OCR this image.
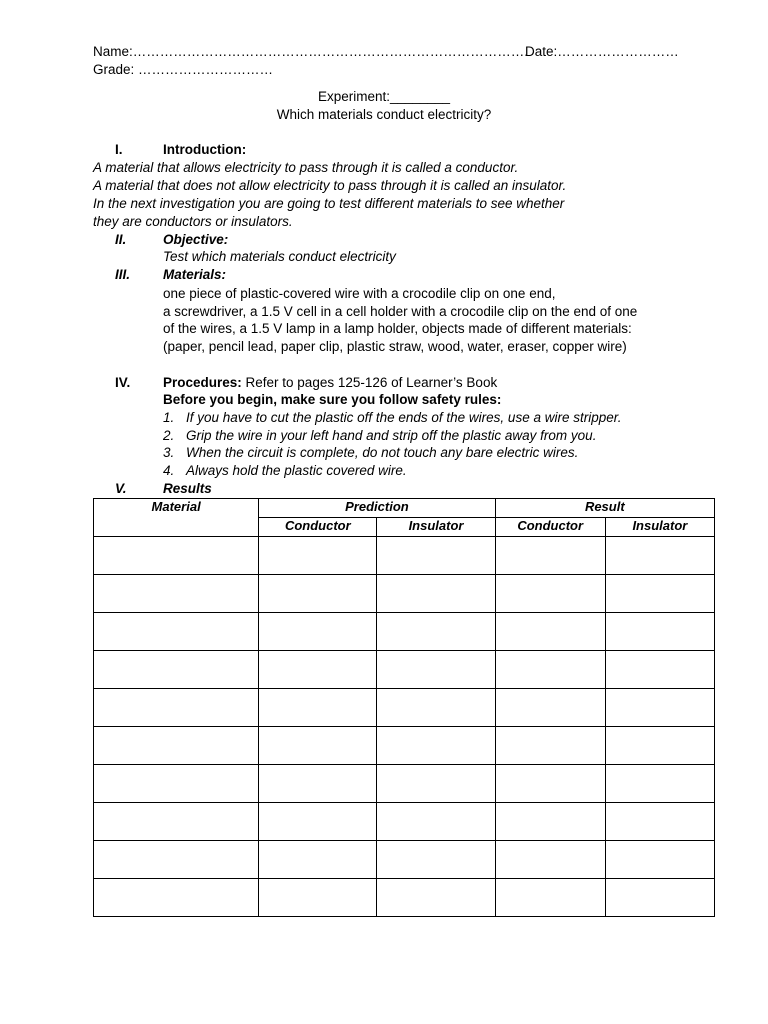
Name:…………………………………………………………………………….
Date:………………………
Grade: …………………………
Experiment:________
Which materials conduct electricity?
I.	Introduction:
A material that allows electricity to pass through it is called a conductor.
A material that does not allow electricity to pass through it is called an insulator.
In the next investigation you are going to test different materials to see whether
they are conductors or insulators.
II.	Objective:
Test which materials conduct electricity
III. Materials:
one piece of plastic-covered wire with a crocodile clip on one end,
a screwdriver, a 1.5 V cell in a cell holder with a crocodile clip on the end of one
of the wires, a 1.5 V lamp in a lamp holder, objects made of different materials:
(paper, pencil lead, paper clip, plastic straw, wood, water, eraser, copper wire)
IV. Procedures: Refer to pages 125-126 of Learner’s Book
Before you begin, make sure you follow safety rules:
1. If you have to cut the plastic off the ends of the wires, use a wire stripper.
2. Grip the wire in your left hand and strip off the plastic away from you.
3. When the circuit is complete, do not touch any bare electric wires.
4. Always hold the plastic covered wire.
V.	Results
Material	Prediction		Result	
	Conductor	Insulator	Conductor	Insulator
